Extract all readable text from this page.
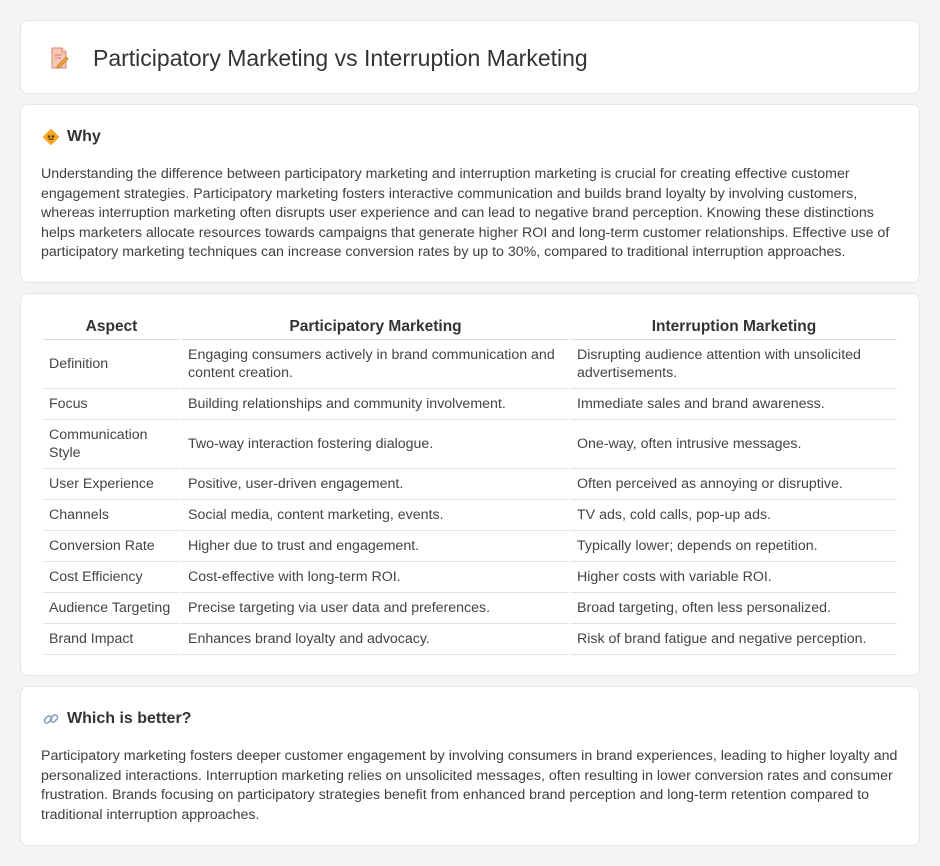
Participatory Marketing vs Interruption Marketing
Why

Understanding the difference between participatory marketing and interruption marketing is crucial for creating effective customer engagement strategies. Participatory marketing fosters interactive communication and builds brand loyalty by involving customers, whereas interruption marketing often disrupts user experience and can lead to negative brand perception. Knowing these distinctions helps marketers allocate resources towards campaigns that generate higher ROI and long-term customer relationships. Effective use of participatory marketing techniques can increase conversion rates by up to 30%, compared to traditional interruption approaches.

Aspect	Participatory Marketing	Interruption Marketing
Definition	Engaging consumers actively in brand communication and content creation.	Disrupting audience attention with unsolicited advertisements.
Focus	Building relationships and community involvement.	Immediate sales and brand awareness.
Communication Style	Two-way interaction fostering dialogue.	One-way, often intrusive messages.
User Experience	Positive, user-driven engagement.	Often perceived as annoying or disruptive.
Channels	Social media, content marketing, events.	TV ads, cold calls, pop-up ads.
Conversion Rate	Higher due to trust and engagement.	Typically lower; depends on repetition.
Cost Efficiency	Cost-effective with long-term ROI.	Higher costs with variable ROI.
Audience Targeting	Precise targeting via user data and preferences.	Broad targeting, often less personalized.
Brand Impact	Enhances brand loyalty and advocacy.	Risk of brand fatigue and negative perception.
Which is better?

Participatory marketing fosters deeper customer engagement by involving consumers in brand experiences, leading to higher loyalty and personalized interactions. Interruption marketing relies on unsolicited messages, often resulting in lower conversion rates and consumer frustration. Brands focusing on participatory strategies benefit from enhanced brand perception and long-term retention compared to traditional interruption approaches.
